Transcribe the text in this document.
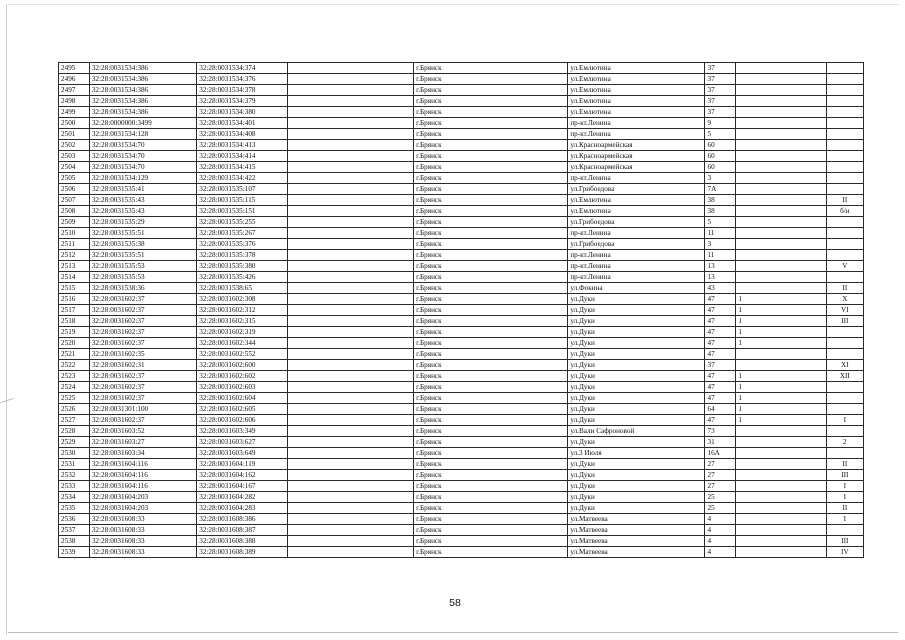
2495	32:28:0031534:386	32:28:0031534:374		г.Брянск	ул.Емлютина	37		
2496	32:28:0031534:386	32:28:0031534:376		г.Брянск	ул.Емлютина	37		
2497	32:28:0031534:386	32:28:0031534:378		г.Брянск	ул.Емлютина	37		
2498	32:28:0031534:386	32:28:0031534:379		г.Брянск	ул.Емлютина	37		
2499	32:28:0031534:386	32:28:0031534:380		г.Брянск	ул.Емлютина	37		
2500	32:28:0000000:3499	32:28:0031534:401		г.Брянск	пр-кт.Ленина	9		
2501	32:28:0031534:128	32:28:0031534:408		г.Брянск	пр-кт.Ленина	5		
2502	32:28:0031534:70	32:28:0031534:413		г.Брянск	ул.Красноармейская	60		
2503	32:28:0031534:70	32:28:0031534:414		г.Брянск	ул.Красноармейская	60		
2504	32:28:0031534:70	32:28:0031534:415		г.Брянск	ул.Красноармейская	60		
2505	32:28:0031534:129	32:28:0031534:422		г.Брянск	пр-кт.Ленина	3		
2506	32:28:0031535:41	32:28:0031535:107		г.Брянск	ул.Грибоедова	7А		
2507	32:28:0031535:43	32:28:0031535:115		г.Брянск	ул.Емлютина	38		II
2508	32:28:0031535:43	32:28:0031535:151		г.Брянск	ул.Емлютина	38		б/н
2509	32:28:0031535:29	32:28:0031535:255		г.Брянск	ул.Грибоедова	5		
2510	32:28:0031535:51	32:28:0031535:267		г.Брянск	пр-кт.Ленина	11		
2511	32:28:0031535:38	32:28:0031535:376		г.Брянск	ул.Грибоедова	3		
2512	32:28:0031535:51	32:28:0031535:378		г.Брянск	пр-кт.Ленина	11		
2513	32:28:0031535:53	32:28:0031535:380		г.Брянск	пр-кт.Ленина	13		V
2514	32:28:0031535:53	32:28:0031535:426		г.Брянск	пр-кт.Ленина	13		
2515	32:28:0031538:36	32:28:0031538:65		г.Брянск	ул.Фокина	43		II
2516	32:28:0031602:37	32:28:0031602:308		г.Брянск	ул.Дуки	47	1	X
2517	32:28:0031602:37	32:28:0031602:312		г.Брянск	ул.Дуки	47	1	VI
2518	32:28:0031602:37	32:28:0031602:315		г.Брянск	ул.Дуки	47	1	III
2519	32:28:0031602:37	32:28:0031602:319		г.Брянск	ул.Дуки	47	1	
2520	32:28:0031602:37	32:28:0031602:344		г.Брянск	ул.Дуки	47	1	
2521	32:28:0031602:35	32:28:0031602:552		г.Брянск	ул.Дуки	47		
2522	32:28:0031602:31	32:28:0031602:600		г.Брянск	ул.Дуки	37		XI
2523	32:28:0031602:37	32:28:0031602:602		г.Брянск	ул.Дуки	47	1	XII
2524	32:28:0031602:37	32:28:0031602:603		г.Брянск	ул.Дуки	47	1	
2525	32:28:0031602:37	32:28:0031602:604		г.Брянск	ул.Дуки	47	1	
2526	32:28:0031301:100	32:28:0031602:605		г.Брянск	ул.Дуки	64	1	
2527	32:28:0031602:37	32:28:0031602:606		г.Брянск	ул.Дуки	47	1	I
2528	32:28:0031603:52	32:28:0031603:349		г.Брянск	ул.Вали Сафроновой	73		
2529	32:28:0031603:27	32:28:0031603:627		г.Брянск	ул.Дуки	31		2
2530	32:28:0031603:34	32:28:0031603:649		г.Брянск	ул.3 Июля	16А		
2531	32:28:0031604:116	32:28:0031604:119		г.Брянск	ул.Дуки	27		II
2532	32:28:0031604:116	32:28:0031604:162		г.Брянск	ул.Дуки	27		III
2533	32:28:0031604:116	32:28:0031604:167		г.Брянск	ул.Дуки	27		I
2534	32:28:0031604:203	32:28:0031604:282		г.Брянск	ул.Дуки	25		I
2535	32:28:0031604:203	32:28:0031604:283		г.Брянск	ул.Дуки	25		II
2536	32:28:0031608:33	32:28:0031608:386		г.Брянск	ул.Матвеева	4		I
2537	32:28:0031608:33	32:28:0031608:387		г.Брянск	ул.Матвеева	4		
2538	32:28:0031608:33	32:28:0031608:388		г.Брянск	ул.Матвеева	4		III
2539	32:28:0031608:33	32:28:0031608:389		г.Брянск	ул.Матвеева	4		IV
58
